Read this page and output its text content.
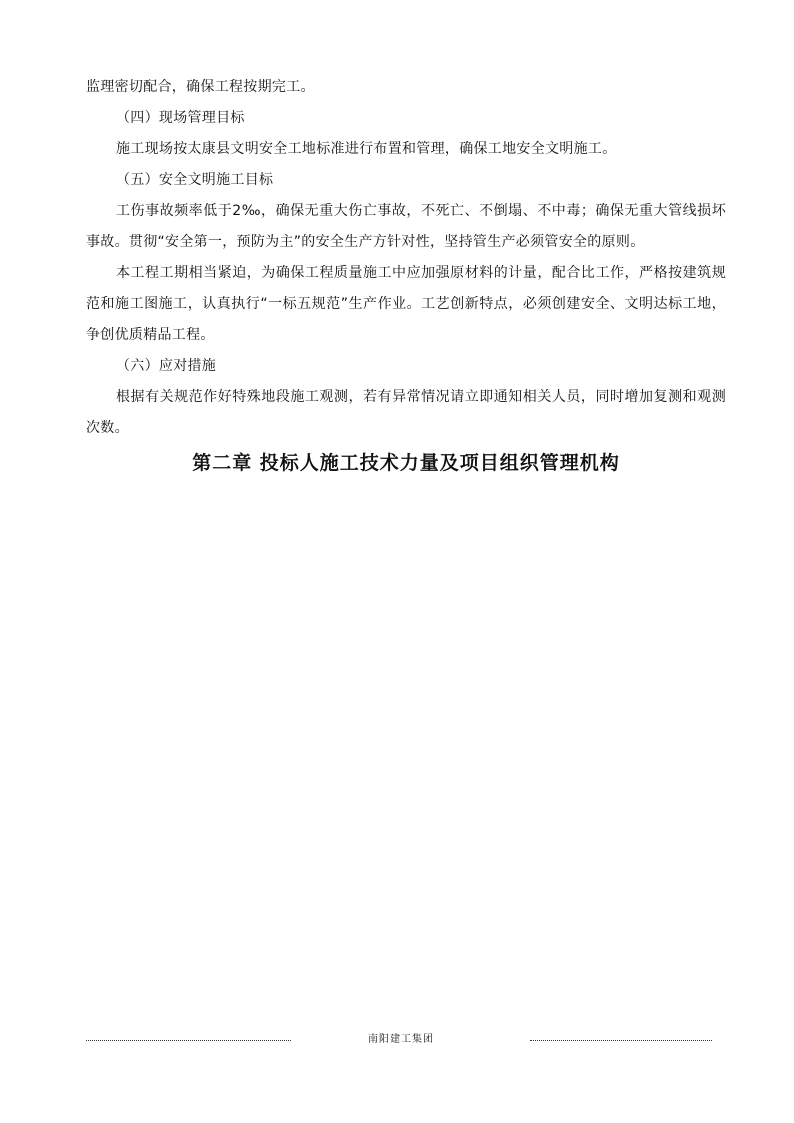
监理密切配合，确保工程按期完工。

（四）现场管理目标

施工现场按太康县文明安全工地标准进行布置和管理，确保工地安全文明施工。

（五）安全文明施工目标

工伤事故频率低于2‰，确保无重大伤亡事故，不死亡、不倒塌、不中毒；确保无重大管线损坏事故。贯彻“安全第一，预防为主”的安全生产方针对性，坚持管生产必须管安全的原则。

本工程工期相当紧迫，为确保工程质量施工中应加强原材料的计量，配合比工作，严格按建筑规范和施工图施工，认真执行“一标五规范”生产作业。工艺创新特点，必须创建安全、文明达标工地，争创优质精品工程。

（六）应对措施

根据有关规范作好特殊地段施工观测，若有异常情况请立即通知相关人员，同时增加复测和观测次数。

第二章 投标人施工技术力量及项目组织管理机构
南阳建工集团
